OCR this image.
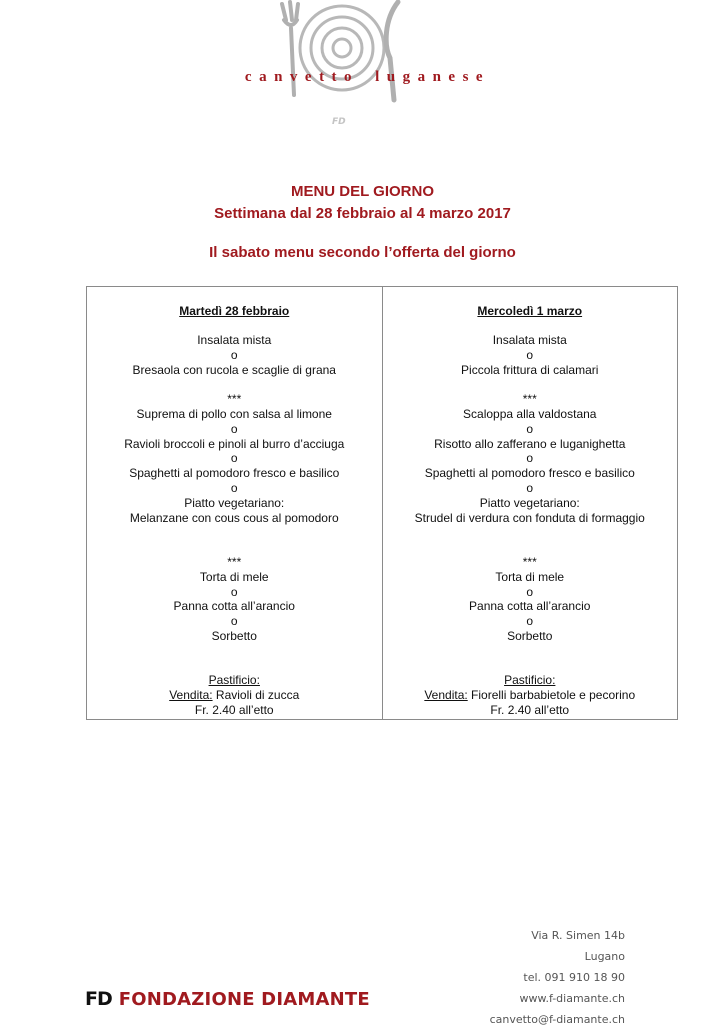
FD
canvetto luganese
MENU DEL GIORNO
Settimana dal 28 febbraio al 4 marzo 2017
Il sabato menu secondo l’offerta del giorno
Martedì 28 febbraio
Insalata mista
o
Bresaola con rucola e scaglie di grana
***
Suprema di pollo con salsa al limone
o
Ravioli broccoli e pinoli al burro d’acciuga
o
Spaghetti al pomodoro fresco e basilico
o
Piatto vegetariano:
Melanzane con cous cous al pomodoro
***
Torta di mele
o
Panna cotta all’arancio
o
Sorbetto
Pastificio:
Vendita: Ravioli di zucca
Fr. 2.40 all’etto
Mercoledì 1 marzo
Insalata mista
o
Piccola frittura di calamari
***
Scaloppa alla valdostana
o
Risotto allo zafferano e luganighetta
o
Spaghetti al pomodoro fresco e basilico
o
Piatto vegetariano:
Strudel di verdura con fonduta di formaggio
***
Torta di mele
o
Panna cotta all’arancio
o
Sorbetto
Pastificio:
Vendita: Fiorelli barbabietole e pecorino
Fr. 2.40 all’etto
Via R. Simen 14b
Lugano
tel. 091 910 18 90
www.f-diamante.ch
canvetto@f-diamante.ch
FD FONDAZIONE DIAMANTE
